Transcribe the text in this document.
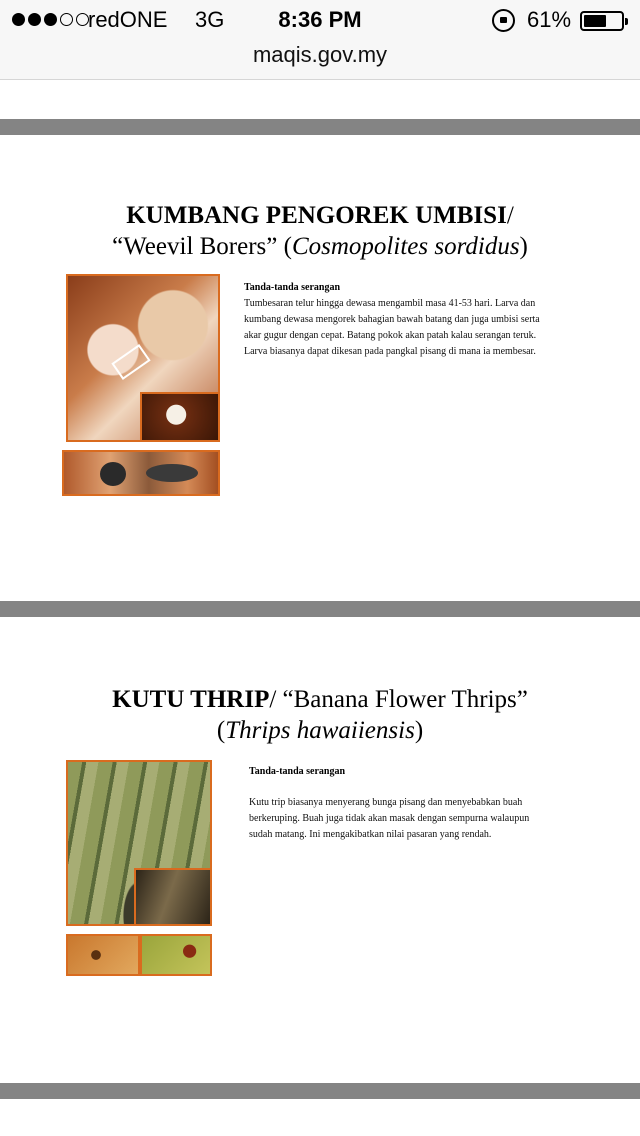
redONE 3G	8:36 PM	61%
maqis.gov.my
KUMBANG PENGOREK UMBISI/
“Weevil Borers” (Cosmopolites sordidus)
Tanda-tanda serangan
Tumbesaran telur hingga dewasa mengambil masa 41-53 hari. Larva dan kumbang dewasa mengorek bahagian bawah batang dan juga umbisi serta akar gugur dengan cepat. Batang pokok akan patah kalau serangan teruk. Larva biasanya dapat dikesan pada pangkal pisang di mana ia membesar.
KUTU THRIP/ “Banana Flower Thrips”
(Thrips hawaiiensis)
Tanda-tanda serangan
Kutu trip biasanya menyerang bunga pisang dan menyebabkan buah berkeruping. Buah juga tidak akan masak dengan sempurna walaupun sudah matang. Ini mengakibatkan nilai pasaran yang rendah.
